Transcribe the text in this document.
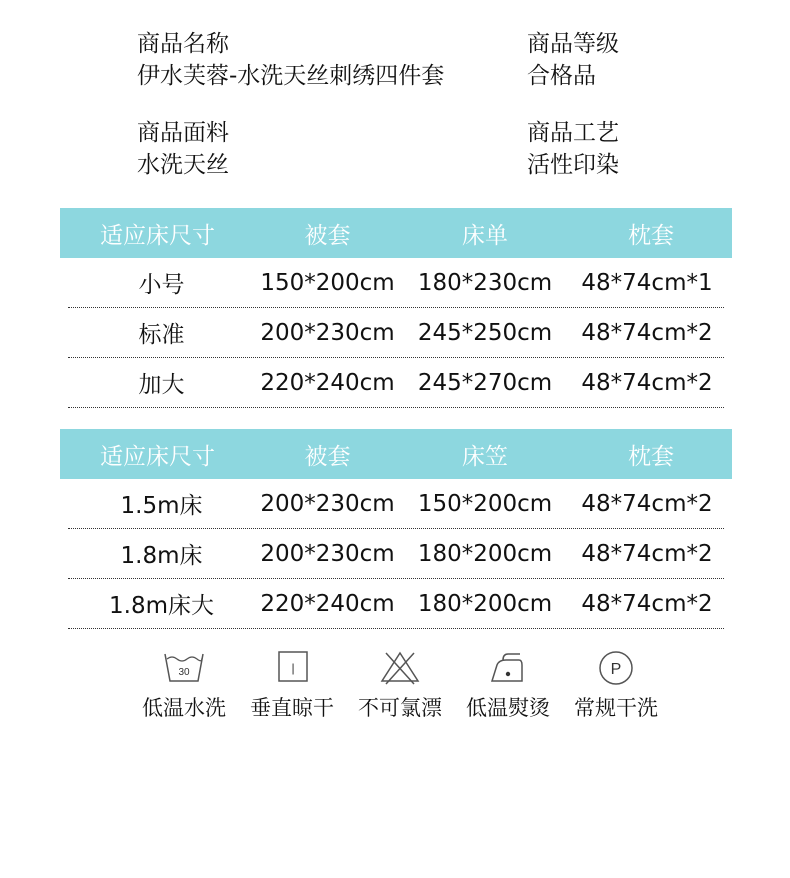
商品名称
伊水芙蓉-水洗天丝刺绣四件套
商品等级
合格品
商品面料
水洗天丝
商品工艺
活性印染
适应床尺寸	被套	床单	枕套
小号	150*200cm	180*230cm	48*74cm*1
标准	200*230cm	245*250cm	48*74cm*2
加大	220*240cm	245*270cm	48*74cm*2
适应床尺寸	被套	床笠	枕套
1.5m床	200*230cm	150*200cm	48*74cm*2
1.8m床	200*230cm	180*200cm	48*74cm*2
1.8m床大	220*240cm	180*200cm	48*74cm*2
30
低温水洗
|
垂直晾干 不可氯漂 低温熨烫
P
常规干洗
